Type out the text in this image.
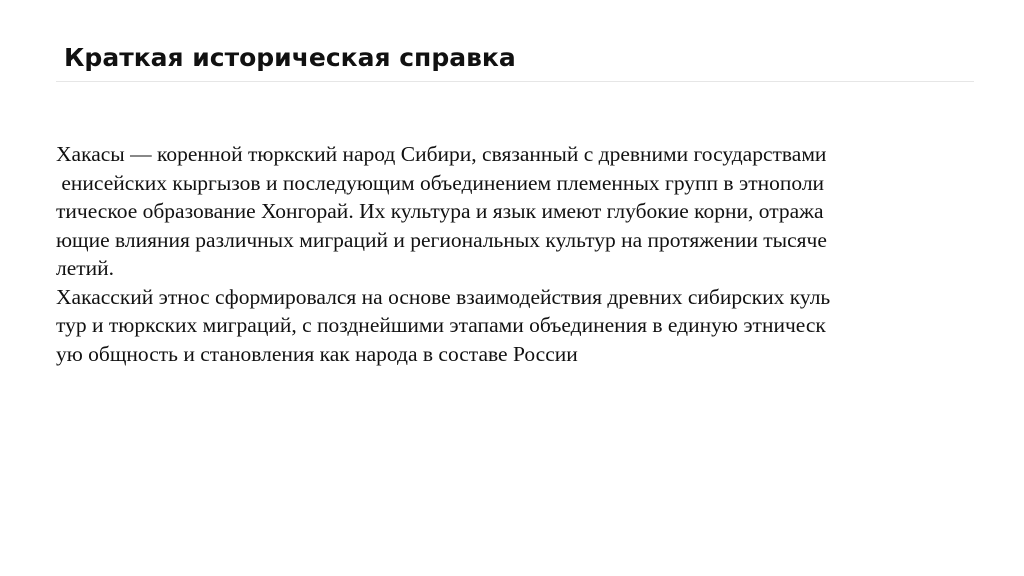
Краткая историческая справка
Хакасы — коренной тюркский народ Сибири, связанный с древними государствами
енисейских кыргызов и последующим объединением племенных групп в этнополи
тическое образование Хонгорай. Их культура и язык имеют глубокие корни, отража
ющие влияния различных миграций и региональных культур на протяжении тысяче
летий.
Хакасский этнос сформировался на основе взаимодействия древних сибирских куль
тур и тюркских миграций, с позднейшими этапами объединения в единую этническ
ую общность и становления как народа в составе России
